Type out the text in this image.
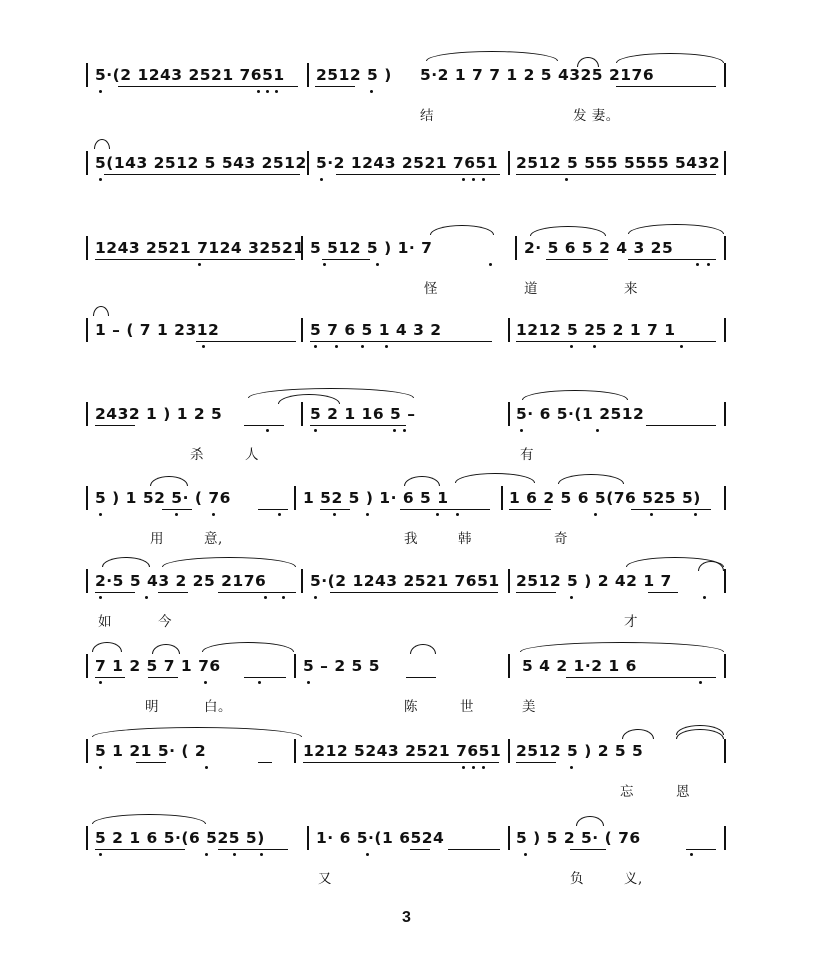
5·(2 1243 2521 7651 2512 5 ) 5·2 1 7 7 1 2 5 4325 2176
结	发 妻。
5(143 2512 5 543 2512 5·2 1243 2521 7651 2512 5 555 5555 5432
1243 2521 7124 32521 5 512 5 ) 1· 7	2· 5 6 5 2 4 3 25
怪	道	来
1 – ( 7 1 2312	5 7 6 5 1 4 3 2	1212 5 25 2 1 7 1
2432 1 ) 1 2 5	5 2 1 16 5 –	5· 6 5·(1 2512
杀	人	有
5 ) 1 52 5· ( 76	1 52 5 ) 1· 6 5 1	1 6 2 5 6 5(76 525 5)
用	意,	我	韩	奇
2·5 5 43 2 25 2176	5·(2 1243 2521 7651 2512 5 ) 2 42 1 7
如	今	才
7 1 2 5 7 1 76	5 – 2 5 5	5 4 2 1·2 1 6
明	白。	陈	世	美
5 1 21 5· ( 2	1212 5243 2521 7651 2512 5 ) 2 5 5
忘	恩
5 2 1 6 5·(6 525 5)	1· 6 5·(1 6524	5 ) 5 2 5· ( 76
又	负	义,
3
